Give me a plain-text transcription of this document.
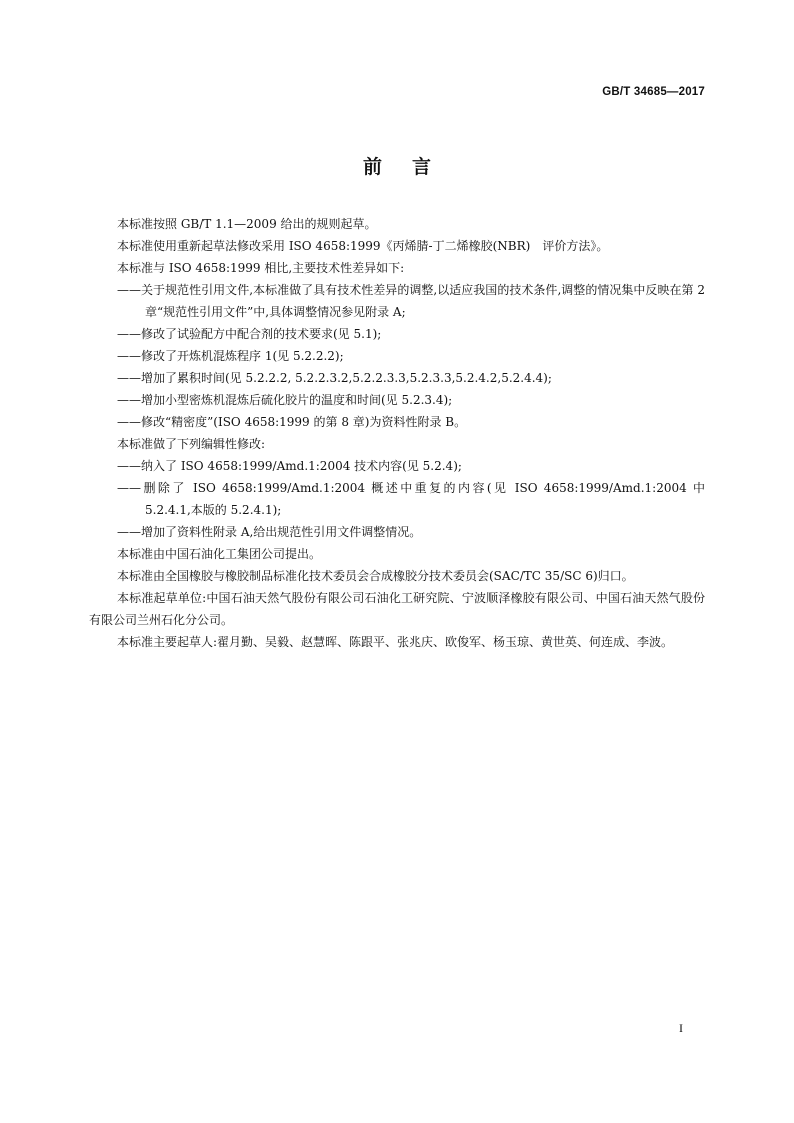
GB/T 34685—2017
前言
本标准按照 GB/T 1.1—2009 给出的规则起草。
本标准使用重新起草法修改采用 ISO 4658:1999《丙烯腈-丁二烯橡胶(NBR)　评价方法》。
本标准与 ISO 4658:1999 相比,主要技术性差异如下:
——关于规范性引用文件,本标准做了具有技术性差异的调整,以适应我国的技术条件,调整的情况集中反映在第 2 章“规范性引用文件”中,具体调整情况参见附录 A;
——修改了试验配方中配合剂的技术要求(见 5.1);
——修改了开炼机混炼程序 1(见 5.2.2.2);
——增加了累积时间(见 5.2.2.2, 5.2.2.3.2,5.2.2.3.3,5.2.3.3,5.2.4.2,5.2.4.4);
——增加小型密炼机混炼后硫化胶片的温度和时间(见 5.2.3.4);
——修改“精密度”(ISO 4658:1999 的第 8 章)为资料性附录 B。
本标准做了下列编辑性修改:
——纳入了 ISO 4658:1999/Amd.1:2004 技术内容(见 5.2.4);
——删除了 ISO 4658:1999/Amd.1:2004 概述中重复的内容(见 ISO 4658:1999/Amd.1:2004 中 5.2.4.1,本版的 5.2.4.1);
——增加了资料性附录 A,给出规范性引用文件调整情况。
本标准由中国石油化工集团公司提出。
本标准由全国橡胶与橡胶制品标准化技术委员会合成橡胶分技术委员会(SAC/TC 35/SC 6)归口。
本标准起草单位:中国石油天然气股份有限公司石油化工研究院、宁波顺泽橡胶有限公司、中国石油天然气股份有限公司兰州石化分公司。
本标准主要起草人:翟月勤、吴毅、赵慧晖、陈跟平、张兆庆、欧俊军、杨玉琼、黄世英、何连成、李波。
I
